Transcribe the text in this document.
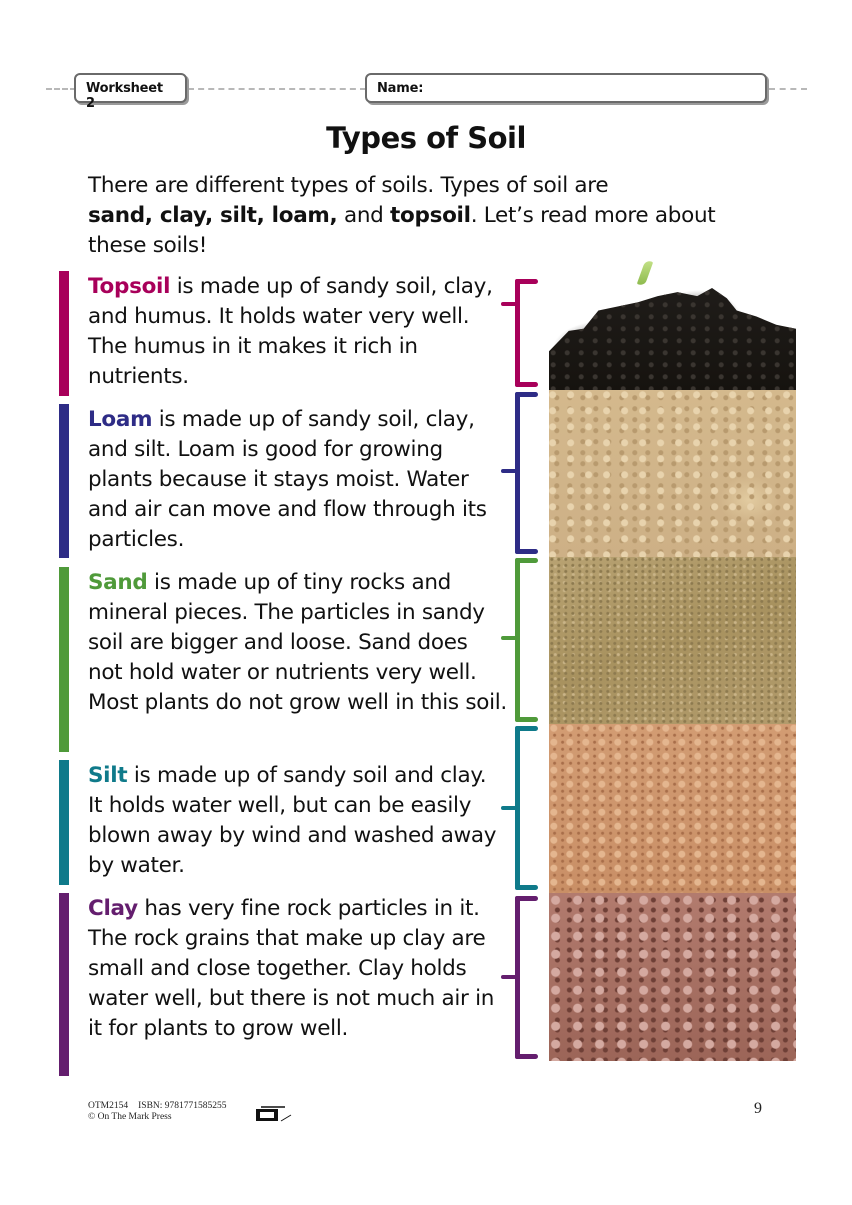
Worksheet 2
Name:
Types of Soil
There are different types of soils. Types of soil are
sand, clay, silt, loam, and topsoil. Let’s read more about these soils!
Topsoil is made up of sandy soil, clay, and humus. It holds water very well. The humus in it makes it rich in nutrients.
Loam is made up of sandy soil, clay, and silt. Loam is good for growing plants because it stays moist. Water and air can move and flow through its particles.
Sand is made up of tiny rocks and mineral pieces. The particles in sandy soil are bigger and loose. Sand does not hold water or nutrients very well. Most plants do not grow well in this soil.
Silt is made up of sandy soil and clay. It holds water well, but can be easily blown away by wind and washed away by water.
Clay has very fine rock particles in it. The rock grains that make up clay are small and close together. Clay holds water well, but there is not much air in it for plants to grow well.
OTM2154 ISBN: 9781771585255
© On The Mark Press	9
